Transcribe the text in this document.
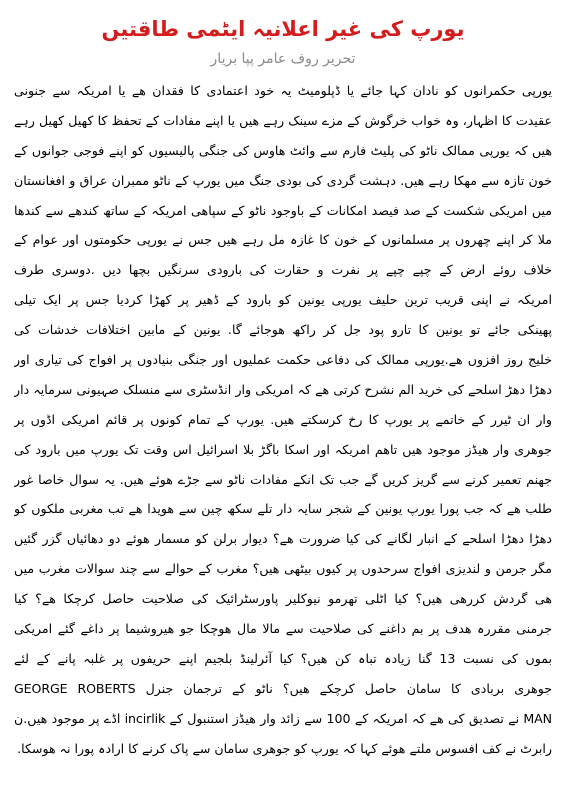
یورپ کی غیر اعلانیہ ایٹمی طاقتیں
تحریر روف عامر پپا بریار
یورپی حکمرانوں کو نادان کہا جائے یا ڈپلومیٹ یہ خود اعتمادی کا فقدان ھے یا امریکہ سے جنونی
عقیدت کا اظہار، وہ خواب خرگوش کے مزے سینک رہے ھیں یا اپنے مفادات کے تحفظ کا کھیل کھیل رہے
ھیں کہ یورپی ممالک ناٹو کی پلیٹ فارم سے وائٹ ھاوس کی جنگی پالیسیوں کو اپنے فوجی جوانوں کے
خون تازہ سے مھکا رہے ھیں. دہشت گردی کی بودی جنگ میں یورپ کے ناٹو ممبران عراق و افغانستان
میں امریکی شکست کے صد فیصد امکانات کے باوجود ناٹو کے سپاھی امریکہ کے ساتھ کندھے سے کندھا
ملا کر اپنے چھروں پر مسلمانوں کے خون کا غازہ مل رہے ھیں جس نے یورپی حکومتوں اور عوام کے
خلاف روئے ارض کے چپے چپے پر نفرت و حقارت کی بارودی سرنگیں بچھا دیں .دوسری طرف
امریکہ نے اپنی قریب ترین حلیف یورپی یونین کو بارود کے ڈھیر پر کھڑا کردیا جس پر ایک تیلی
پھینکی جائے تو یونین کا تارو پود جل کر راکھ ھوجائے گا. یونین کے مابین اختلافات خدشات کی
خلیج روز افزوں ھے.یورپی ممالک کی دفاعی حکمت عملیوں اور جنگی بنیادوں پر افواج کی تیاری اور
دھڑا دھڑ اسلحے کی خرید الم نشرح کرتی ھے کہ امریکی وار انڈسٹری سے منسلک صہیونی سرمایہ دار
وار ان ٹیرر کے خاتمے پر یورپ کا رخ کرسکتے ھیں. یورپ کے تمام کونوں پر قائم امریکی اڈوں پر
جوھری وار ھیڈز موجود ھیں تاھم امریکہ اور اسکا باگڑ بلا اسرائیل اس وقت تک یورپ میں بارود کی
جھنم تعمیر کرنے سے گریز کریں گے جب تک انکے مفادات ناٹو سے جڑے ھوئے ھیں. یہ سوال خاصا غور
طلب ھے کہ جب پورا یورپ یونین کے شجر سایہ دار تلے سکھ چین سے ھویدا ھے تب مغربی ملکوں کو
دھڑا دھڑا اسلحے کے انبار لگانے کی کیا ضرورت ھے؟ دیوار برلن کو مسمار ھوئے دو دھائیاں گزر گئیں
مگر جرمن و لندیزی افواج سرحدوں پر کیوں بیٹھی ھیں؟ مغرب کے حوالے سے چند سوالات مغرب میں
ھی گردش کررھی ھیں؟ کیا اٹلی تھرمو نیوکلیر پاورسٹرائیک کی صلاحیت حاصل کرچکا ھے؟ کیا
جرمنی مقررہ ھدف پر بم داغنے کی صلاحیت سے مالا مال ھوچکا جو ھیروشیما پر داغے گئے امریکی
بموں کی نسبت 13 گنا زیادہ تباہ کن ھیں؟ کیا آئرلینڈ بلجیم اپنے حریفوں پر غلبہ پانے کے لئے
جوھری بربادی کا سامان حاصل کرچکے ھیں؟ ناٹو کے ترجمان جنرل GEORGE ROBERTS
MAN نے تصدیق کی ھے کہ امریکہ کے 100 سے زائد وار ھیڈز استنبول کے incirlik اڈے پر موجود ھیں.ن
رابرٹ نے کف افسوس ملتے ھوئے کہا کہ یورپ کو جوھری سامان سے پاک کرنے کا ارادہ پورا نہ ھوسکا.
